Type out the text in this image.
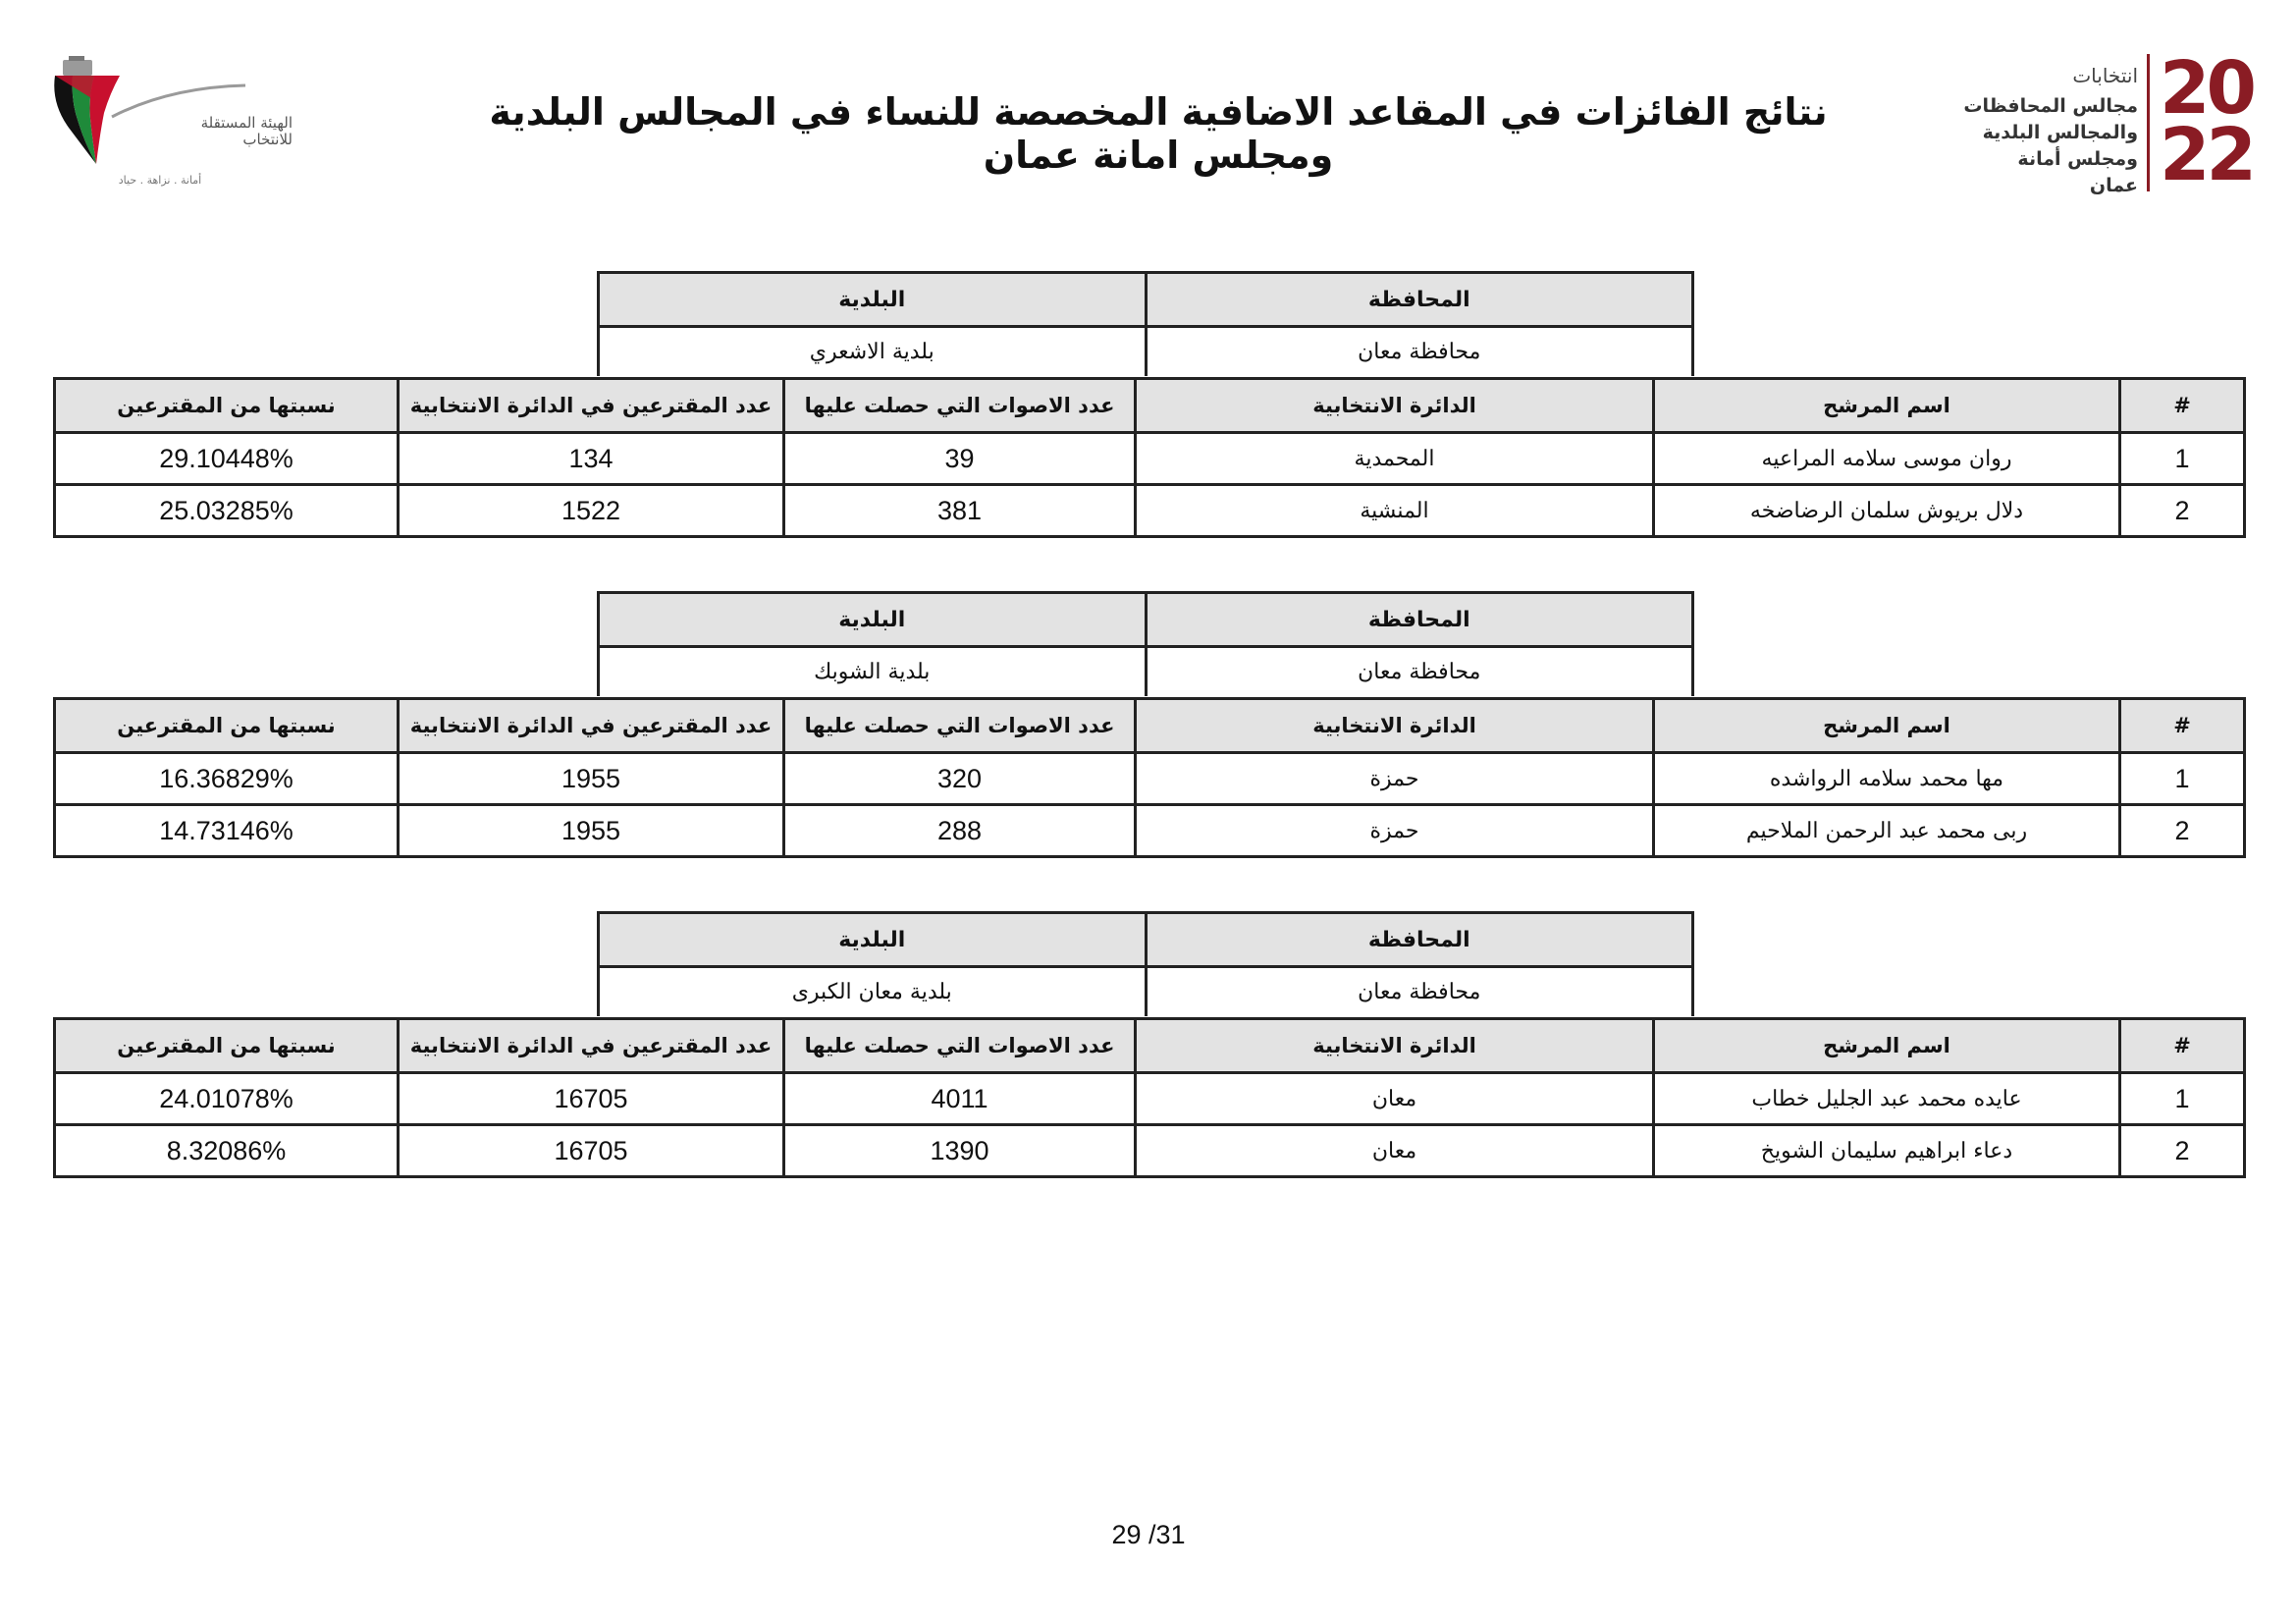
الهيئة المستقلة
للانتخاب
أمانة . نزاهة . حياد
نتائج الفائزات في المقاعد الاضافية المخصصة للنساء في المجالس البلدية ومجلس امانة عمان
انتخابات
مجالس المحافظات
والمجالس البلدية
ومجلس أمانة عمان
20
22
المحافظة	البلدية
محافظة معان	بلدية الاشعري
#	اسم المرشح	الدائرة الانتخابية	عدد الاصوات التي حصلت عليها	عدد المقترعين في الدائرة الانتخابية	نسبتها من المقترعين
1	روان موسى سلامه المراعيه	المحمدية	39	134	29.10448%
2	دلال بريوش سلمان الرضاضخه	المنشية	381	1522	25.03285%
المحافظة	البلدية
محافظة معان	بلدية الشوبك
#	اسم المرشح	الدائرة الانتخابية	عدد الاصوات التي حصلت عليها	عدد المقترعين في الدائرة الانتخابية	نسبتها من المقترعين
1	مها محمد سلامه الرواشده	حمزة	320	1955	16.36829%
2	ربى محمد عبد الرحمن الملاحيم	حمزة	288	1955	14.73146%
المحافظة	البلدية
محافظة معان	بلدية معان الكبرى
#	اسم المرشح	الدائرة الانتخابية	عدد الاصوات التي حصلت عليها	عدد المقترعين في الدائرة الانتخابية	نسبتها من المقترعين
1	عايده محمد عبد الجليل خطاب	معان	4011	16705	24.01078%
2	دعاء ابراهيم سليمان الشويخ	معان	1390	16705	8.32086%
29 /31
